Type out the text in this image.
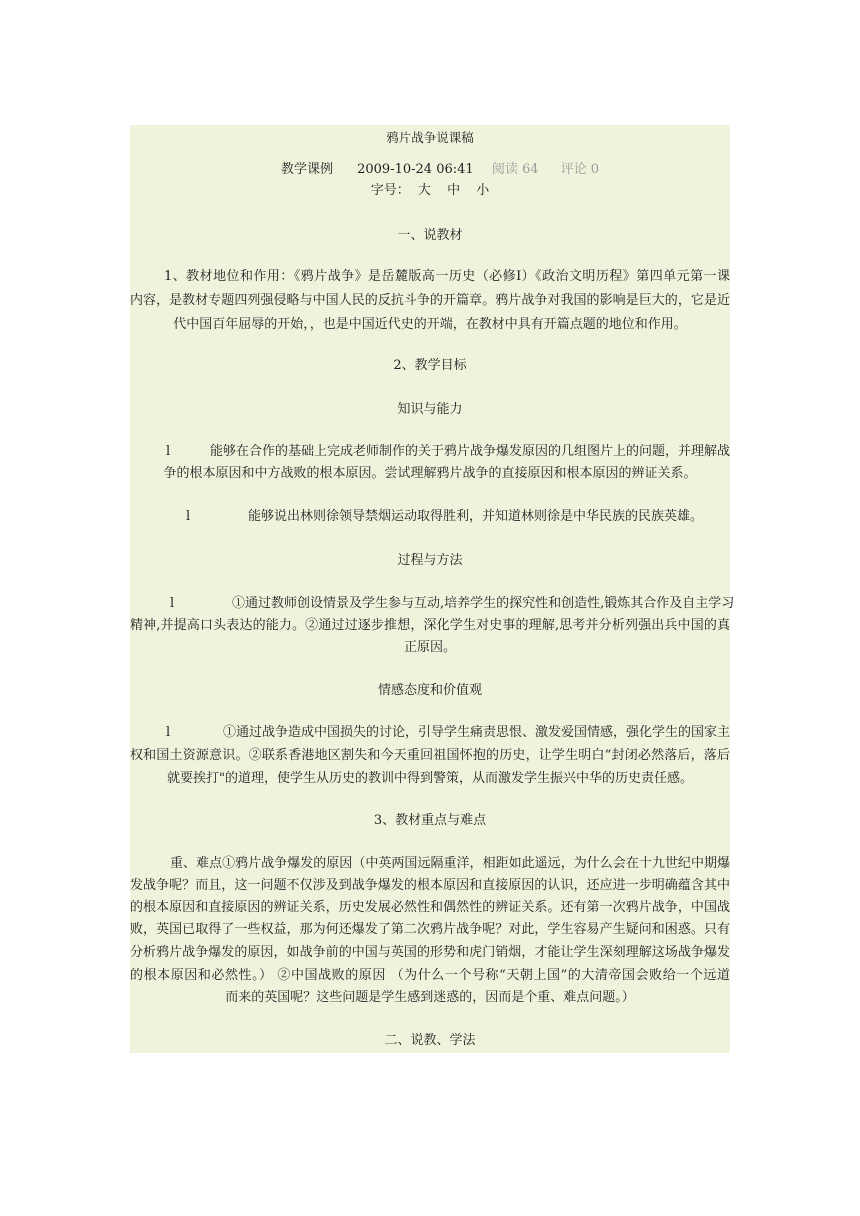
鸦片战争说课稿
教学课例 2009-10-24 06:41 阅读 64 评论 0
字号： 大 中 小
一、说教材
1、教材地位和作用：《鸦片战争》是岳麓版高一历史（必修Ⅰ）《政治文明历程》第四单元第一课
内容，是教材专题四列强侵略与中国人民的反抗斗争的开篇章。鸦片战争对我国的影响是巨大的，它是近
代中国百年屈辱的开始，，也是中国近代史的开端，在教材中具有开篇点题的地位和作用。
2、教学目标
知识与能力
l	能够在合作的基础上完成老师制作的关于鸦片战争爆发原因的几组图片上的问题，并理解战
争的根本原因和中方战败的根本原因。尝试理解鸦片战争的直接原因和根本原因的辨证关系。
l	能够说出林则徐领导禁烟运动取得胜利，并知道林则徐是中华民族的民族英雄。
过程与方法
l	①通过教师创设情景及学生参与互动,培养学生的探究性和创造性,锻炼其合作及自主学习
精神,并提高口头表达的能力。②通过过逐步推想，深化学生对史事的理解,思考并分析列强出兵中国的真
正原因。
情感态度和价值观
l	①通过战争造成中国损失的讨论，引导学生痛责思恨、激发爱国情感，强化学生的国家主
权和国土资源意识。②联系香港地区割失和今天重回祖国怀抱的历史，让学生明白“封闭必然落后，落后
就要挨打"的道理，使学生从历史的教训中得到警策，从而激发学生振兴中华的历史责任感。
3、教材重点与难点
重、难点①鸦片战争爆发的原因（中英两国远隔重洋，相距如此遥远，为什么会在十九世纪中期爆
发战争呢？而且，这一问题不仅涉及到战争爆发的根本原因和直接原因的认识，还应进一步明确蕴含其中
的根本原因和直接原因的辨证关系，历史发展必然性和偶然性的辨证关系。还有第一次鸦片战争，中国战
败，英国已取得了一些权益，那为何还爆发了第二次鸦片战争呢？对此，学生容易产生疑问和困惑。只有
分析鸦片战争爆发的原因，如战争前的中国与英国的形势和虎门销烟，才能让学生深刻理解这场战争爆发
的根本原因和必然性。） ②中国战败的原因 （为什么一个号称“天朝上国”的大清帝国会败给一个远道
而来的英国呢？这些问题是学生感到迷惑的，因而是个重、难点问题。）
二、说教、学法
